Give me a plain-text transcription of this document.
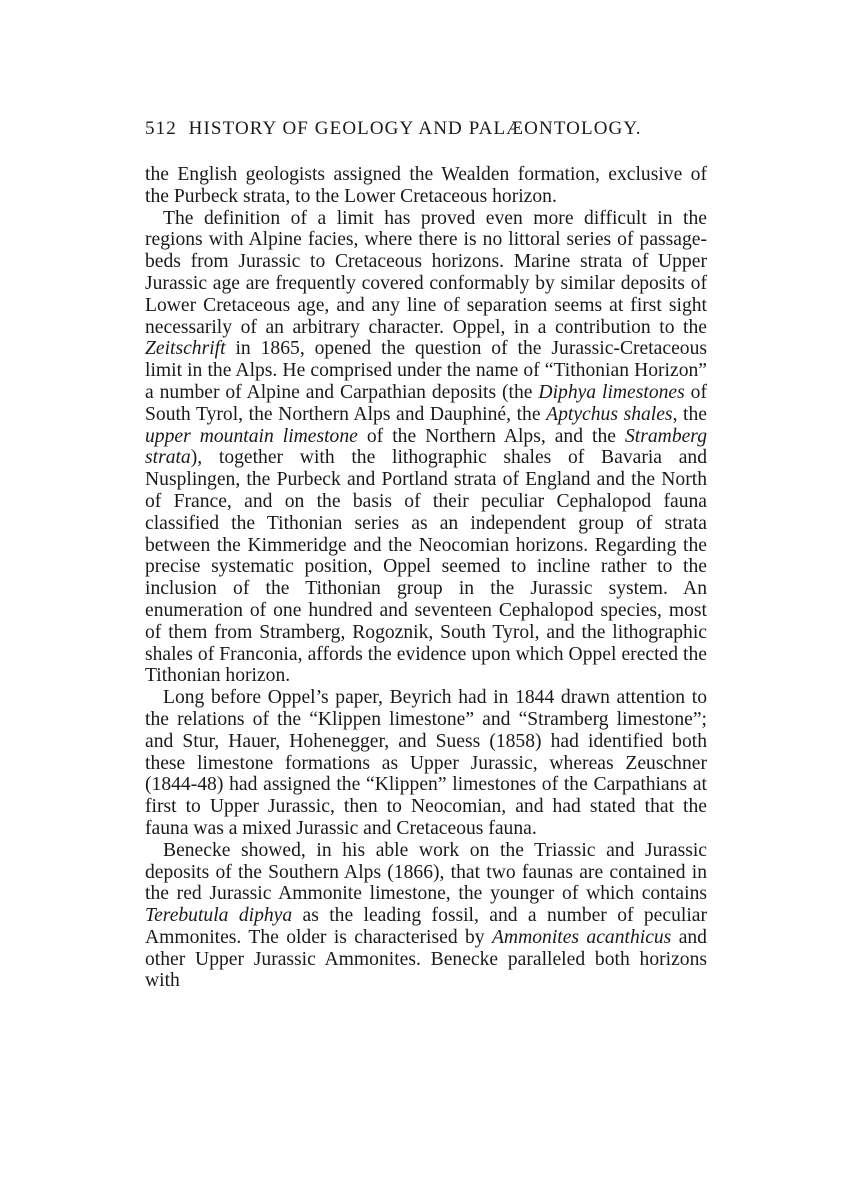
512 HISTORY OF GEOLOGY AND PALÆONTOLOGY.

the English geologists assigned the Wealden formation, exclusive of the Purbeck strata, to the Lower Cretaceous horizon.

The definition of a limit has proved even more difficult in the regions with Alpine facies, where there is no littoral series of passage-beds from Jurassic to Cretaceous horizons. Marine strata of Upper Jurassic age are frequently covered conformably by similar deposits of Lower Cretaceous age, and any line of separation seems at first sight necessarily of an arbitrary character. Oppel, in a contribution to the Zeitschrift in 1865, opened the question of the Jurassic-Cretaceous limit in the Alps. He comprised under the name of “Tithonian Horizon” a number of Alpine and Carpathian deposits (the Diphya limestones of South Tyrol, the Northern Alps and Dauphiné, the Aptychus shales, the upper mountain limestone of the Northern Alps, and the Stramberg strata), together with the lithographic shales of Bavaria and Nusplingen, the Purbeck and Portland strata of England and the North of France, and on the basis of their peculiar Cephalopod fauna classified the Tithonian series as an independent group of strata between the Kimmeridge and the Neocomian horizons. Regarding the precise systematic position, Oppel seemed to incline rather to the inclusion of the Tithonian group in the Jurassic system. An enumeration of one hundred and seventeen Cephalopod species, most of them from Stramberg, Rogoznik, South Tyrol, and the lithographic shales of Franconia, affords the evidence upon which Oppel erected the Tithonian horizon.

Long before Oppel’s paper, Beyrich had in 1844 drawn attention to the relations of the “Klippen limestone” and “Stramberg limestone”; and Stur, Hauer, Hohenegger, and Suess (1858) had identified both these limestone formations as Upper Jurassic, whereas Zeuschner (1844-48) had assigned the “Klippen” limestones of the Carpathians at first to Upper Jurassic, then to Neocomian, and had stated that the fauna was a mixed Jurassic and Cretaceous fauna.

Benecke showed, in his able work on the Triassic and Jurassic deposits of the Southern Alps (1866), that two faunas are contained in the red Jurassic Ammonite limestone, the younger of which contains Terebutula diphya as the leading fossil, and a number of peculiar Ammonites. The older is characterised by Ammonites acanthicus and other Upper Jurassic Ammonites. Benecke paralleled both horizons with
